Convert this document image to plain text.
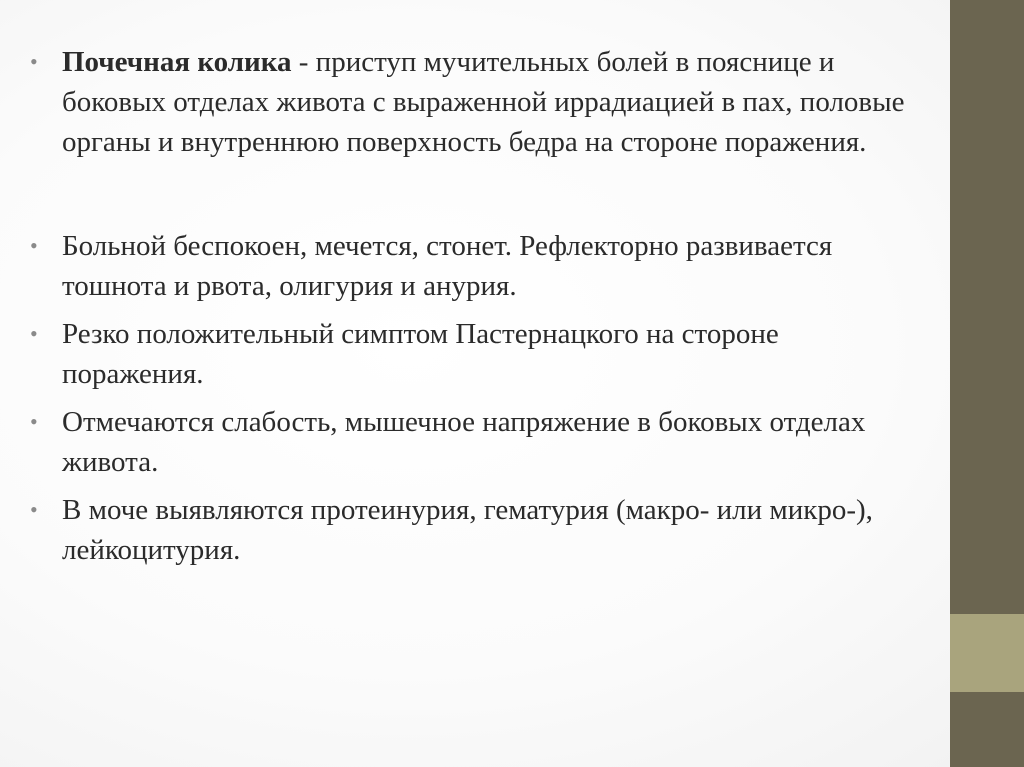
• Почечная колика - приступ мучительных болей в пояснице и боковых отделах живота с выраженной иррадиацией в пах, половые органы и внутреннюю поверхность бедра на стороне поражения.
• Больной беспокоен, мечется, стонет. Рефлекторно развивается тошнота и рвота, олигурия и анурия.
• Резко положительный симптом Пастернацкого на стороне поражения.
• Отмечаются слабость, мышечное напряжение в боковых отделах живота.
• В моче выявляются протеинурия, гематурия (макро- или микро-), лейкоцитурия.
